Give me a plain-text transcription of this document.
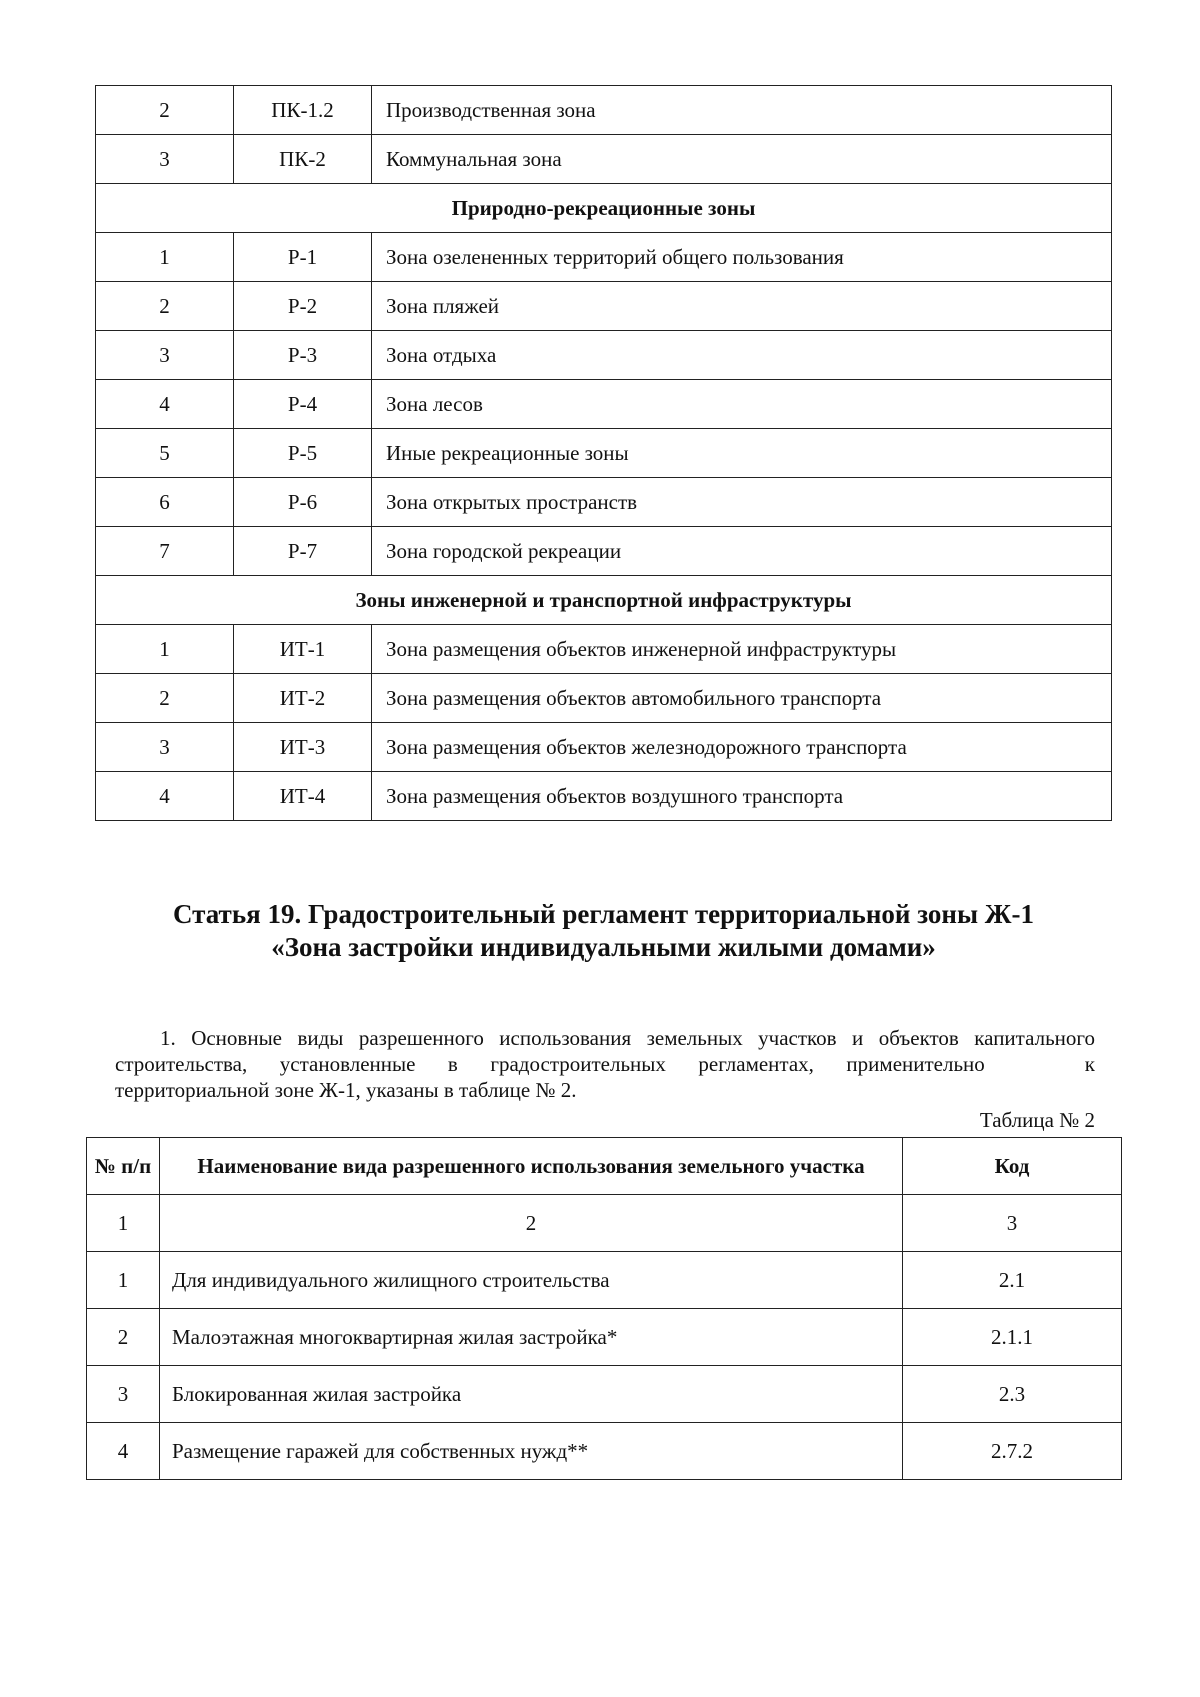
2	ПК-1.2	Производственная зона
3	ПК-2	Коммунальная зона
Природно-рекреационные зоны		
1	Р-1	Зона озелененных территорий общего пользования
2	Р-2	Зона пляжей
3	Р-3	Зона отдыха
4	Р-4	Зона лесов
5	Р-5	Иные рекреационные зоны
6	Р-6	Зона открытых пространств
7	Р-7	Зона городской рекреации
Зоны инженерной и транспортной инфраструктуры		
1	ИТ-1	Зона размещения объектов инженерной инфраструктуры
2	ИТ-2	Зона размещения объектов автомобильного транспорта
3	ИТ-3	Зона размещения объектов железнодорожного транспорта
4	ИТ-4	Зона размещения объектов воздушного транспорта
Статья 19. Градостроительный регламент территориальной зоны Ж-1
«Зона застройки индивидуальными жилыми домами»
1. Основные виды разрешенного использования земельных участков и объектов капитального строительства, установленные в градостроительных регламентах, применительно	к территориальной зоне Ж-1, указаны в таблице № 2.
Таблица № 2
№ п/п	Наименование вида разрешенного использования земельного участка	Код
1	2	3
1	Для индивидуального жилищного строительства	2.1
2	Малоэтажная многоквартирная жилая застройка*	2.1.1
3	Блокированная жилая застройка	2.3
4	Размещение гаражей для собственных нужд**	2.7.2
